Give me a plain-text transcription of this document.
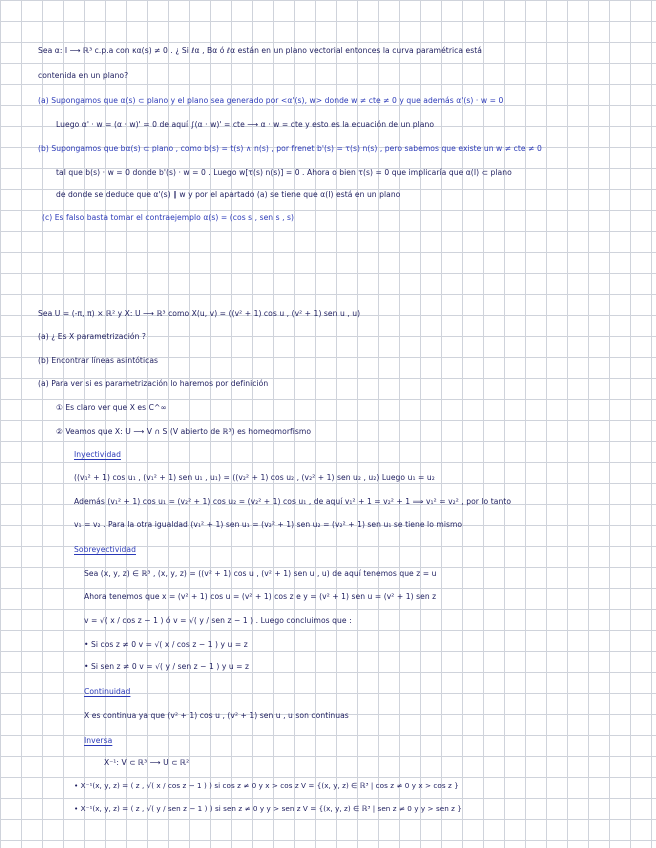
Sea α: I ⟶ ℝ³ c.p.a con κα(s) ≠ 0 . ¿ Si ℓα , Bα ó ℓα están en un plano vectorial entonces la curva paramétrica está
contenida en un plano?
(a) Supongamos que α(s) ⊂ plano y el plano sea generado por <α'(s), w> donde w ≠ cte ≠ 0 y que además α'(s) · w = 0
Luego α' · w = (α · w)' = 0 de aquí ∫(α · w)' = cte ⟶ α · w = cte y esto es la ecuación de un plano
(b) Supongamos que bα(s) ⊂ plano , como b(s) = t(s) ∧ n(s) , por frenet b'(s) = τ(s) n(s) , pero sabemos que existe un w ≠ cte ≠ 0
tal que b(s) · w = 0 donde b'(s) · w = 0 . Luego w[τ(s) n(s)] = 0 . Ahora o bien τ(s) = 0 que implicaría que α(I) ⊂ plano
de donde se deduce que α'(s) ∥ w y por el apartado (a) se tiene que α(I) está en un plano
(c) Es falso basta tomar el contraejemplo α(s) = (cos s , sen s , s)
Sea U = (-π, π) × ℝ² y X: U ⟶ ℝ³ como X(u, v) = ((v² + 1) cos u , (v² + 1) sen u , u)
(a) ¿ Es X parametrización ?
(b) Encontrar líneas asintóticas
(a) Para ver si es parametrización lo haremos por definición
① Es claro ver que X es C^∞
② Veamos que X: U ⟶ V ∩ S (V abierto de ℝ³) es homeomorfismo
Inyectividad
((v₁² + 1) cos u₁ , (v₁² + 1) sen u₁ , u₁) = ((v₂² + 1) cos u₂ , (v₂² + 1) sen u₂ , u₂) Luego u₁ = u₂
Además (v₁² + 1) cos u₁ = (v₂² + 1) cos u₂ = (v₂² + 1) cos u₁ , de aquí v₁² + 1 = v₂² + 1 ⟹ v₁² = v₂² , por lo tanto
v₁ = v₂ . Para la otra igualdad (v₁² + 1) sen u₁ = (v₂² + 1) sen u₂ = (v₂² + 1) sen u₁ se tiene lo mismo
Sobreyectividad
Sea (x, y, z) ∈ ℝ³ , (x, y, z) = ((v² + 1) cos u , (v² + 1) sen u , u) de aquí tenemos que z = u
Ahora tenemos que x = (v² + 1) cos u = (v² + 1) cos z e y = (v² + 1) sen u = (v² + 1) sen z
v = √( x / cos z − 1 ) ó v = √( y / sen z − 1 ) . Luego concluimos que :
• Si cos z ≠ 0 v = √( x / cos z − 1 ) y u = z
• Si sen z ≠ 0 v = √( y / sen z − 1 ) y u = z
Continuidad
X es continua ya que (v² + 1) cos u , (v² + 1) sen u , u son continuas
Inversa
X⁻¹: V ⊂ ℝ³ ⟶ U ⊂ ℝ²
• X⁻¹(x, y, z) = ( z , √( x / cos z − 1 ) ) si cos z ≠ 0 y x > cos z V = {(x, y, z) ∈ ℝ³ | cos z ≠ 0 y x > cos z }
• X⁻¹(x, y, z) = ( z , √( y / sen z − 1 ) ) si sen z ≠ 0 y y > sen z V = {(x, y, z) ∈ ℝ³ | sen z ≠ 0 y y > sen z }
